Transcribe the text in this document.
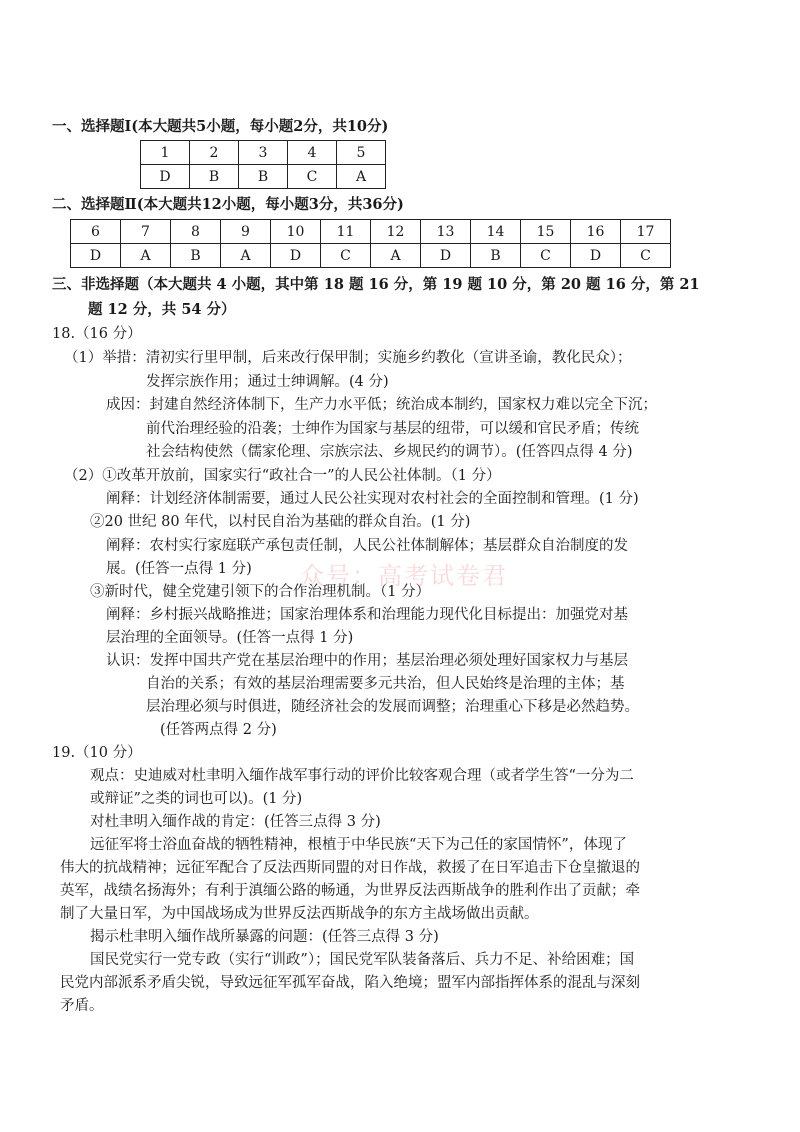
一、选择题Ⅰ(本大题共5小题，每小题2分，共10分)
1	2	3	4	5
D	B	B	C	A
二、选择题Ⅱ(本大题共12小题，每小题3分，共36分)
6	7	8	9	10	11	12	13	14	15	16	17
D	A	B	A	D	C	A	D	B	C	D	C
三、非选择题（本大题共 4 小题，其中第 18 题 16 分，第 19 题 10 分，第 20 题 16 分，第 21
题 12 分，共 54 分）
18.（16 分）
（1）举措：清初实行里甲制，后来改行保甲制；实施乡约教化（宣讲圣谕，教化民众）；
发挥宗族作用；通过士绅调解。(4 分)
成因：封建自然经济体制下，生产力水平低；统治成本制约，国家权力难以完全下沉；
前代治理经验的沿袭；士绅作为国家与基层的纽带，可以缓和官民矛盾；传统
社会结构使然（儒家伦理、宗族宗法、乡规民约的调节）。(任答四点得 4 分)
（2）①改革开放前，国家实行“政社合一”的人民公社体制。（1 分）
阐释：计划经济体制需要，通过人民公社实现对农村社会的全面控制和管理。(1 分)
②20 世纪 80 年代，以村民自治为基础的群众自治。(1 分)
阐释：农村实行家庭联产承包责任制，人民公社体制解体；基层群众自治制度的发
展。(任答一点得 1 分)
③新时代，健全党建引领下的合作治理机制。（1 分）
阐释：乡村振兴战略推进；国家治理体系和治理能力现代化目标提出：加强党对基
层治理的全面领导。(任答一点得 1 分)
认识：发挥中国共产党在基层治理中的作用；基层治理必须处理好国家权力与基层
自治的关系；有效的基层治理需要多元共治，但人民始终是治理的主体；基
层治理必须与时俱进，随经济社会的发展而调整；治理重心下移是必然趋势。
(任答两点得 2 分)
19.（10 分）
观点：史迪威对杜聿明入缅作战军事行动的评价比较客观合理（或者学生答“一分为二
或辩证”之类的词也可以)。(1 分)
对杜聿明入缅作战的肯定：(任答三点得 3 分)
远征军将士浴血奋战的牺牲精神，根植于中华民族“天下为己任的家国情怀”，体现了
伟大的抗战精神；远征军配合了反法西斯同盟的对日作战，救援了在日军追击下仓皇撤退的
英军，战绩名扬海外；有利于滇缅公路的畅通，为世界反法西斯战争的胜利作出了贡献；牵
制了大量日军，为中国战场成为世界反法西斯战争的东方主战场做出贡献。
揭示杜聿明入缅作战所暴露的问题：(任答三点得 3 分)
国民党实行一党专政（实行“训政”）；国民党军队装备落后、兵力不足、补给困难；国
民党内部派系矛盾尖锐，导致远征军孤军奋战，陷入绝境；盟军内部指挥体系的混乱与深刻
矛盾。
众号：高考试卷君
